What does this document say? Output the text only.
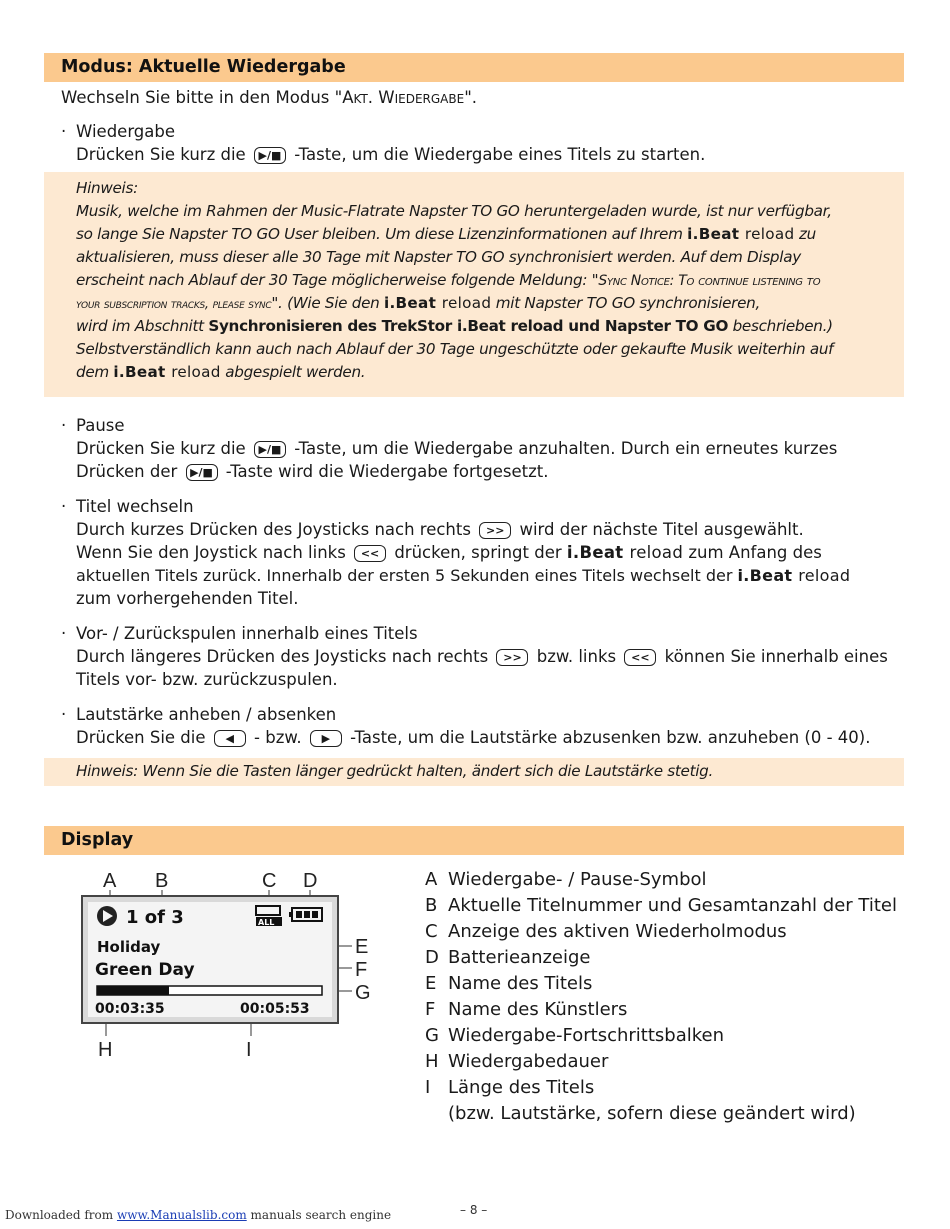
Modus: Aktuelle Wiedergabe
Wechseln Sie bitte in den Modus "Akt. Wiedergabe".
· Wiedergabe
Drücken Sie kurz die ▶/■ -Taste, um die Wiedergabe eines Titels zu starten.
Hinweis:
Musik, welche im Rahmen der Music-Flatrate Napster TO GO heruntergeladen wurde, ist nur verfügbar,
so lange Sie Napster TO GO User bleiben. Um diese Lizenzinformationen auf Ihrem i.Beat reload zu
aktualisieren, muss dieser alle 30 Tage mit Napster TO GO synchronisiert werden. Auf dem Display
erscheint nach Ablauf der 30 Tage möglicherweise folgende Meldung: "Sync Notice: To continue listening to
your subscription tracks, please sync". (Wie Sie den i.Beat reload mit Napster TO GO synchronisieren,
wird im Abschnitt Synchronisieren des TrekStor i.Beat reload und Napster TO GO beschrieben.)
Selbstverständlich kann auch nach Ablauf der 30 Tage ungeschützte oder gekaufte Musik weiterhin auf
dem i.Beat reload abgespielt werden.
· Pause
Drücken Sie kurz die ▶/■ -Taste, um die Wiedergabe anzuhalten. Durch ein erneutes kurzes
Drücken der ▶/■ -Taste wird die Wiedergabe fortgesetzt.
· Titel wechseln
Durch kurzes Drücken des Joysticks nach rechts >> wird der nächste Titel ausgewählt.
Wenn Sie den Joystick nach links << drücken, springt der i.Beat reload zum Anfang des
aktuellen Titels zurück. Innerhalb der ersten 5 Sekunden eines Titels wechselt der i.Beat reload
zum vorhergehenden Titel.
· Vor- / Zurückspulen innerhalb eines Titels
Durch längeres Drücken des Joysticks nach rechts >> bzw. links << können Sie innerhalb eines
Titels vor- bzw. zurückzuspulen.
· Lautstärke anheben / absenken
Drücken Sie die ◀ - bzw. ▶ -Taste, um die Lautstärke abzusenken bzw. anzuheben (0 - 40).
Hinweis: Wenn Sie die Tasten länger gedrückt halten, ändert sich die Lautstärke stetig.
Display
A B	C D
E
F
G
H	I
1 of 3
Holiday
Green Day
00:03:35	00:05:53
ALL
A Wiedergabe- / Pause-Symbol
B Aktuelle Titelnummer und Gesamtanzahl der Titel
C Anzeige des aktiven Wiederholmodus
D Batterieanzeige
E Name des Titels
F Name des Künstlers
G Wiedergabe-Fortschrittsbalken
H Wiedergabedauer
I Länge des Titels
(bzw. Lautstärke, sofern diese geändert wird)
Downloaded from www.Manualslib.com manuals search engine	– 8 –
